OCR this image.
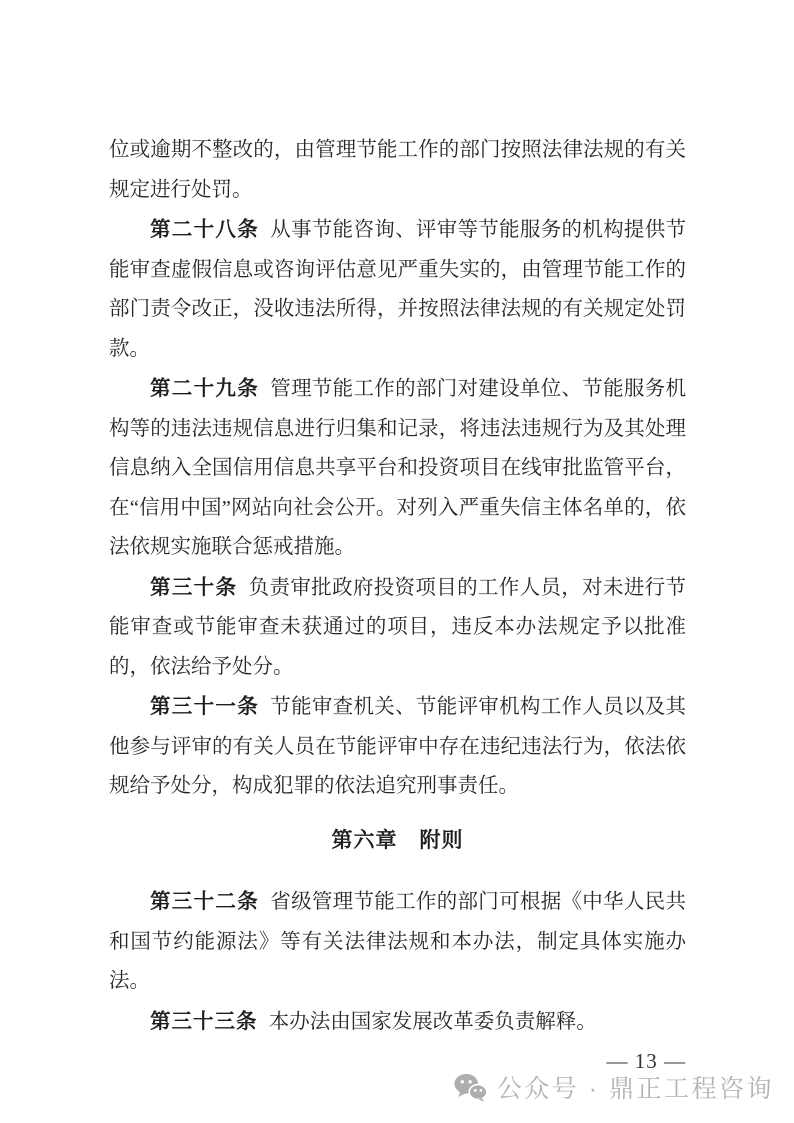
位或逾期不整改的，由管理节能工作的部门按照法律法规的有关规定进行处罚。

第二十八条 从事节能咨询、评审等节能服务的机构提供节能审查虚假信息或咨询评估意见严重失实的，由管理节能工作的部门责令改正，没收违法所得，并按照法律法规的有关规定处罚款。

第二十九条 管理节能工作的部门对建设单位、节能服务机构等的违法违规信息进行归集和记录，将违法违规行为及其处理信息纳入全国信用信息共享平台和投资项目在线审批监管平台，在“信用中国”网站向社会公开。对列入严重失信主体名单的，依法依规实施联合惩戒措施。

第三十条 负责审批政府投资项目的工作人员，对未进行节能审查或节能审查未获通过的项目，违反本办法规定予以批准的，依法给予处分。

第三十一条 节能审查机关、节能评审机构工作人员以及其他参与评审的有关人员在节能评审中存在违纪违法行为，依法依规给予处分，构成犯罪的依法追究刑事责任。

第六章　附则

第三十二条 省级管理节能工作的部门可根据《中华人民共和国节约能源法》等有关法律法规和本办法，制定具体实施办法。

第三十三条 本办法由国家发展改革委负责解释。

— 13 —

公众号 · 鼎正工程咨询
